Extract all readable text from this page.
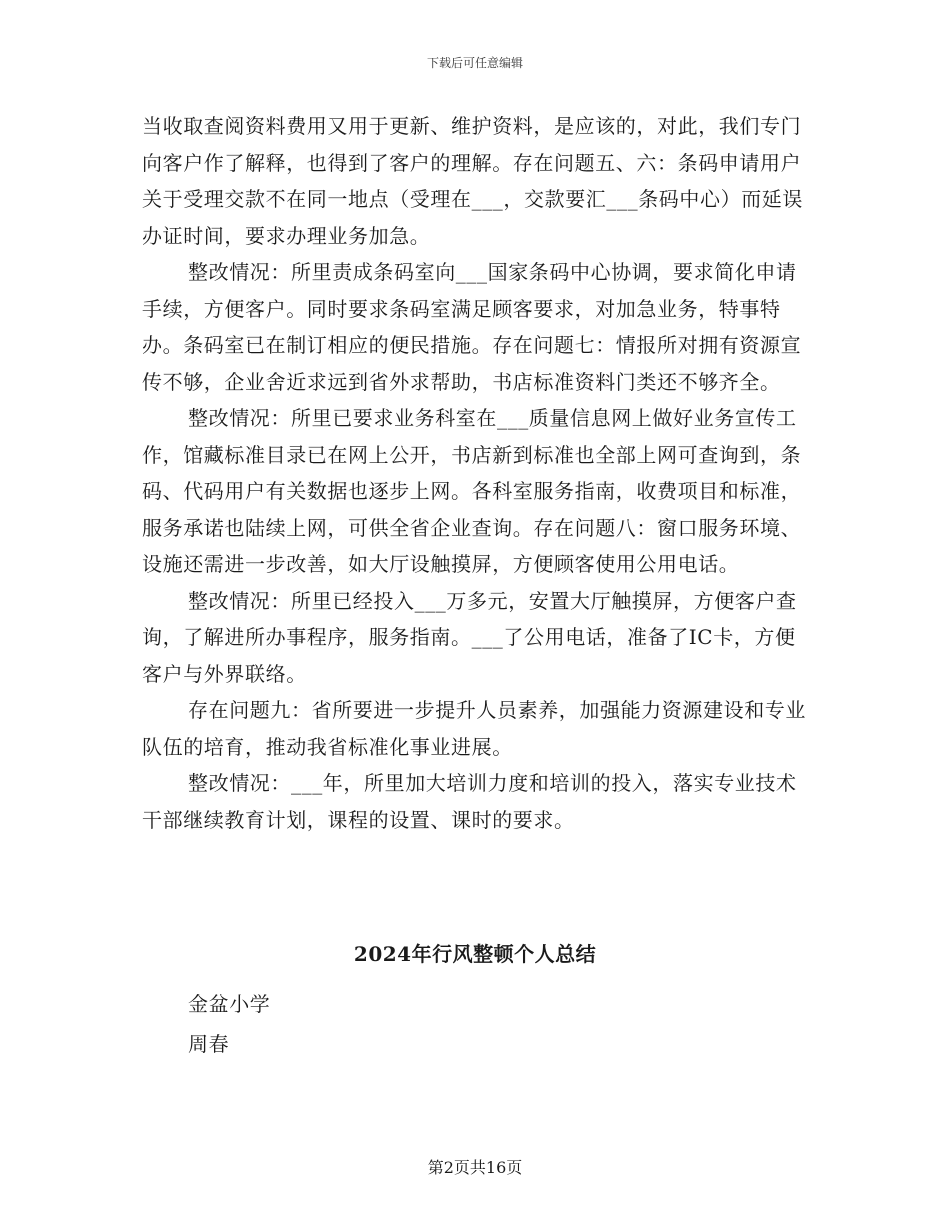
下载后可任意编辑

当收取查阅资料费用又用于更新、维护资料，是应该的，对此，我们专门向客户作了解释，也得到了客户的理解。存在问题五、六：条码申请用户关于受理交款不在同一地点（受理在___，交款要汇___条码中心）而延误办证时间，要求办理业务加急。

整改情况：所里责成条码室向___国家条码中心协调，要求简化申请手续，方便客户。同时要求条码室满足顾客要求，对加急业务，特事特办。条码室已在制订相应的便民措施。存在问题七：情报所对拥有资源宣传不够，企业舍近求远到省外求帮助，书店标准资料门类还不够齐全。

整改情况：所里已要求业务科室在___质量信息网上做好业务宣传工作，馆藏标准目录已在网上公开，书店新到标准也全部上网可查询到，条码、代码用户有关数据也逐步上网。各科室服务指南，收费项目和标准，服务承诺也陆续上网，可供全省企业查询。存在问题八：窗口服务环境、设施还需进一步改善，如大厅设触摸屏，方便顾客使用公用电话。

整改情况：所里已经投入___万多元，安置大厅触摸屏，方便客户查询，了解进所办事程序，服务指南。___了公用电话，准备了IC卡，方便客户与外界联络。

存在问题九：省所要进一步提升人员素养，加强能力资源建设和专业队伍的培育，推动我省标准化事业进展。

整改情况：___年，所里加大培训力度和培训的投入，落实专业技术干部继续教育计划，课程的设置、课时的要求。

2024年行风整顿个人总结
金盆小学
周春
第2页共16页
